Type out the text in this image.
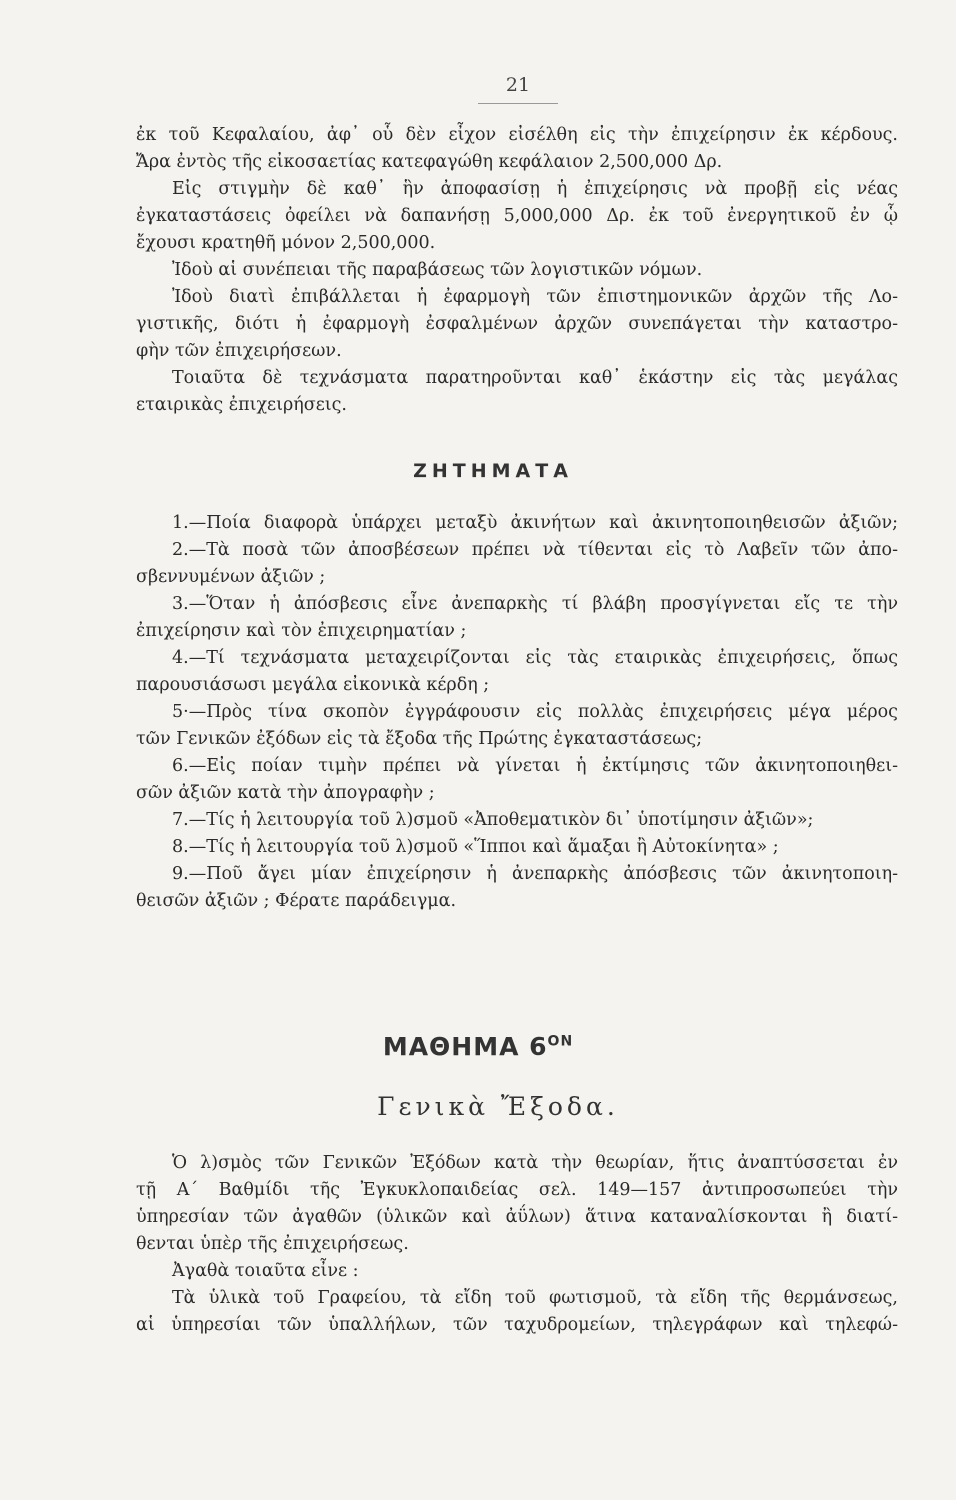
21
ἐκ τοῦ Κεφαλαίου, ἀφ᾽ οὗ δὲν εἶχον εἰσέλθη εἰς τὴν ἐπιχείρησιν ἐκ κέρδους.
Ἄρα ἐντὸς τῆς εἰκοσαετίας κατεφαγώθη κεφάλαιον 2,500,000 Δρ.
Εἰς στιγμὴν δὲ καθ᾽ ἣν ἀποφασίσῃ ἡ ἐπιχείρησις νὰ προβῇ εἰς νέας
ἐγκαταστάσεις ὀφείλει νὰ δαπανήσῃ 5,000,000 Δρ. ἐκ τοῦ ἐνεργητικοῦ ἐν ᾧ
ἔχουσι κρατηθῆ μόνον 2,500,000.
Ἰδοὺ αἱ συνέπειαι τῆς παραβάσεως τῶν λογιστικῶν νόμων.
Ἰδοὺ διατὶ ἐπιβάλλεται ἡ ἐφαρμογὴ τῶν ἐπιστημονικῶν ἀρχῶν τῆς Λο-
γιστικῆς, διότι ἡ ἐφαρμογὴ ἐσφαλμένων ἀρχῶν συνεπάγεται τὴν καταστρο-
φὴν τῶν ἐπιχειρήσεων.
Τοιαῦτα δὲ τεχνάσματα παρατηροῦνται καθ᾽ ἑκάστην εἰς τὰς μεγάλας
εταιρικὰς ἐπιχειρήσεις.
ΖΗΤΗΜΑΤΑ
1.—Ποία διαφορὰ ὑπάρχει μεταξὺ ἀκινήτων καὶ ἀκινητοποιηθεισῶν ἀξιῶν;
2.—Τὰ ποσὰ τῶν ἀποσβέσεων πρέπει νὰ τίθενται εἰς τὸ Λαβεῖν τῶν ἀπο-
σβεννυμένων ἀξιῶν ;
3.—Ὅταν ἡ ἀπόσβεσις εἶνε ἀνεπαρκὴς τί βλάβη προσγίγνεται εἴς τε τὴν
ἐπιχείρησιν καὶ τὸν ἐπιχειρηματίαν ;
4.—Τί τεχνάσματα μεταχειρίζονται εἰς τὰς εταιρικὰς ἐπιχειρήσεις, ὅπως
παρουσιάσωσι μεγάλα εἰκονικὰ κέρδη ;
5·—Πρὸς τίνα σκοπὸν ἐγγράφουσιν εἰς πολλὰς ἐπιχειρήσεις μέγα μέρος
τῶν Γενικῶν ἐξόδων εἰς τὰ ἔξοδα τῆς Πρώτης ἐγκαταστάσεως;
6.—Εἰς ποίαν τιμὴν πρέπει νὰ γίνεται ἡ ἐκτίμησις τῶν ἀκινητοποιηθει-
σῶν ἀξιῶν κατὰ τὴν ἀπογραφὴν ;
7.—Τίς ἡ λειτουργία τοῦ λ)σμοῦ «Ἀποθεματικὸν δι᾽ ὑποτίμησιν ἀξιῶν»;
8.—Τίς ἡ λειτουργία τοῦ λ)σμοῦ «Ἵπποι καὶ ἅμαξαι ἢ Αὐτοκίνητα» ;
9.—Ποῦ ἄγει μίαν ἐπιχείρησιν ἡ ἀνεπαρκὴς ἀπόσβεσις τῶν ἀκινητοποιη-
θεισῶν ἀξιῶν ; Φέρατε παράδειγμα.
ΜΑΘΗΜΑ $6^{ON}$
Γενικὰ Ἔξοδα.
Ὁ λ)σμὸς τῶν Γενικῶν Ἐξόδων κατὰ τὴν θεωρίαν, ἥτις ἀναπτύσσεται ἐν
τῇ Α΄ Βαθμίδι τῆς Ἐγκυκλοπαιδείας σελ. 149—157 ἀντιπροσωπεύει τὴν
ὑπηρεσίαν τῶν ἀγαθῶν (ὑλικῶν καὶ ἀΰλων) ἅτινα καταναλίσκονται ἢ διατί-
θενται ὑπὲρ τῆς ἐπιχειρήσεως.
Ἀγαθὰ τοιαῦτα εἶνε :
Τὰ ὑλικὰ τοῦ Γραφείου, τὰ εἴδη τοῦ φωτισμοῦ, τὰ εἴδη τῆς θερμάνσεως,
αἱ ὑπηρεσίαι τῶν ὑπαλλήλων, τῶν ταχυδρομείων, τηλεγράφων καὶ τηλεφώ-
